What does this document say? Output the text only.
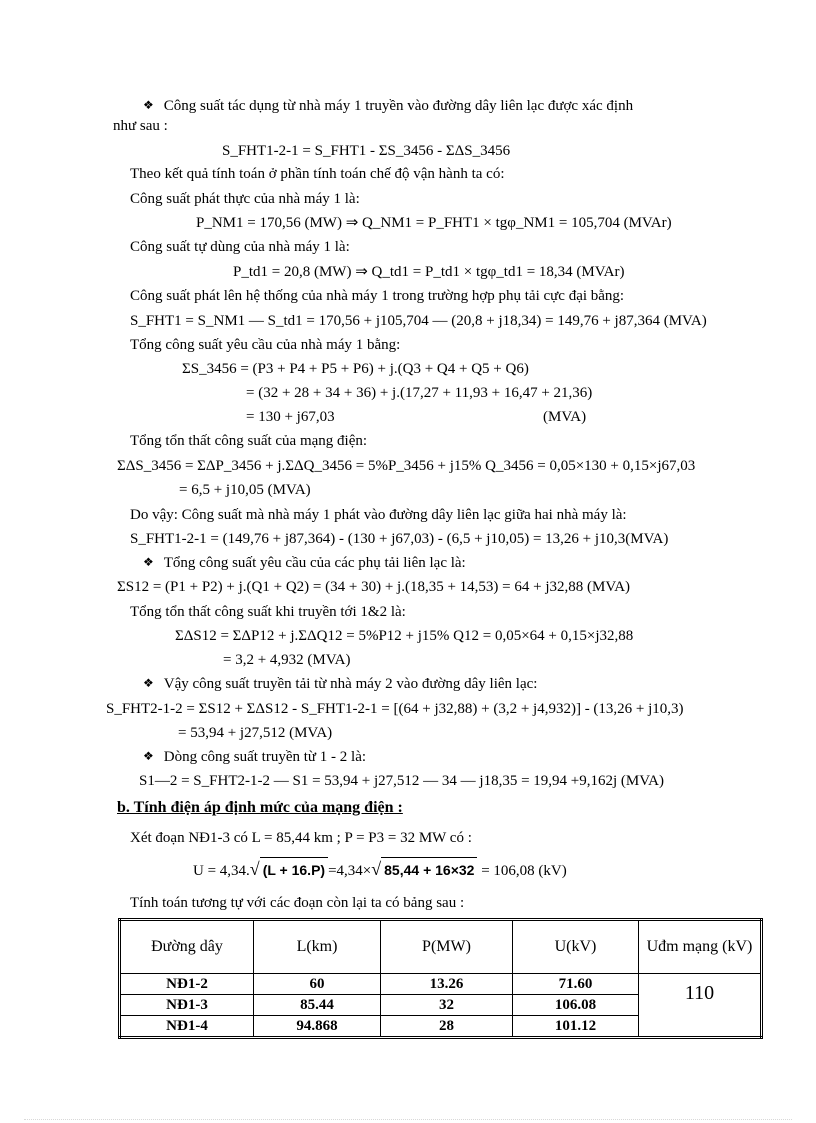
❖ Công suất tác dụng từ nhà máy 1 truyền vào đường dây liên lạc được xác định
như sau :
S_FHT1-2-1 = S_FHT1 - ΣS_3456 - ΣΔS_3456
Theo kết quả tính toán ở phần tính toán chế độ vận hành ta có:
Công suất phát thực của nhà máy 1 là:
P_NM1 = 170,56 (MW) ⇒ Q_NM1 = P_FHT1 × tgφ_NM1 = 105,704 (MVAr)
Công suất tự dùng của nhà máy 1 là:
P_td1 = 20,8 (MW) ⇒ Q_td1 = P_td1 × tgφ_td1 = 18,34 (MVAr)
Công suất phát lên hệ thống của nhà máy 1 trong trường hợp phụ tải cực đại bằng:
S_FHT1 = S_NM1 — S_td1 = 170,56 + j105,704 — (20,8 + j18,34) = 149,76 + j87,364 (MVA)
Tổng công suất yêu cầu của nhà máy 1 bằng:
ΣS_3456 = (P3 + P4 + P5 + P6) + j.(Q3 + Q4 + Q5 + Q6)
= (32 + 28 + 34 + 36) + j.(17,27 + 11,93 + 16,47 + 21,36)
= 130 + j67,03	(MVA)
Tổng tổn thất công suất của mạng điện:
ΣΔS_3456 = ΣΔP_3456 + j.ΣΔQ_3456 = 5%P_3456 + j15% Q_3456 = 0,05×130 + 0,15×j67,03
= 6,5 + j10,05 (MVA)
Do vậy: Công suất mà nhà máy 1 phát vào đường dây liên lạc giữa hai nhà máy là:
S_FHT1-2-1 = (149,76 + j87,364) - (130 + j67,03) - (6,5 + j10,05) = 13,26 + j10,3(MVA)
❖ Tổng công suất yêu cầu của các phụ tải liên lạc là:
ΣS12 = (P1 + P2) + j.(Q1 + Q2) = (34 + 30) + j.(18,35 + 14,53) = 64 + j32,88 (MVA)
Tổng tổn thất công suất khi truyền tới 1&2 là:
ΣΔS12 = ΣΔP12 + j.ΣΔQ12 = 5%P12 + j15% Q12 = 0,05×64 + 0,15×j32,88
= 3,2 + 4,932 (MVA)
❖ Vậy công suất truyền tải từ nhà máy 2 vào đường dây liên lạc:
S_FHT2-1-2 = ΣS12 + ΣΔS12 - S_FHT1-2-1 = [(64 + j32,88) + (3,2 + j4,932)] - (13,26 + j10,3)
= 53,94 + j27,512 (MVA)
❖ Dòng công suất truyền từ 1 - 2 là:
S1—2 = S_FHT2-1-2 — S1 = 53,94 + j27,512 — 34 — j18,35 = 19,94 +9,162j (MVA)
b. Tính điện áp định mức của mạng điện :
Xét đoạn NĐ1-3 có L = 85,44 km ; P = P3 = 32 MW có :
U = 4,34.√ (L + 16.P) =4,34×√ 85,44 + 16×32 = 106,08 (kV)
Tính toán tương tự với các đoạn còn lại ta có bảng sau :
Đường dây	L(km)	P(MW)	U(kV)	Uđm mạng (kV)
NĐ1-2	60	13.26	71.60	110
NĐ1-3	85.44	32	106.08	
NĐ1-4	94.868	28	101.12	
